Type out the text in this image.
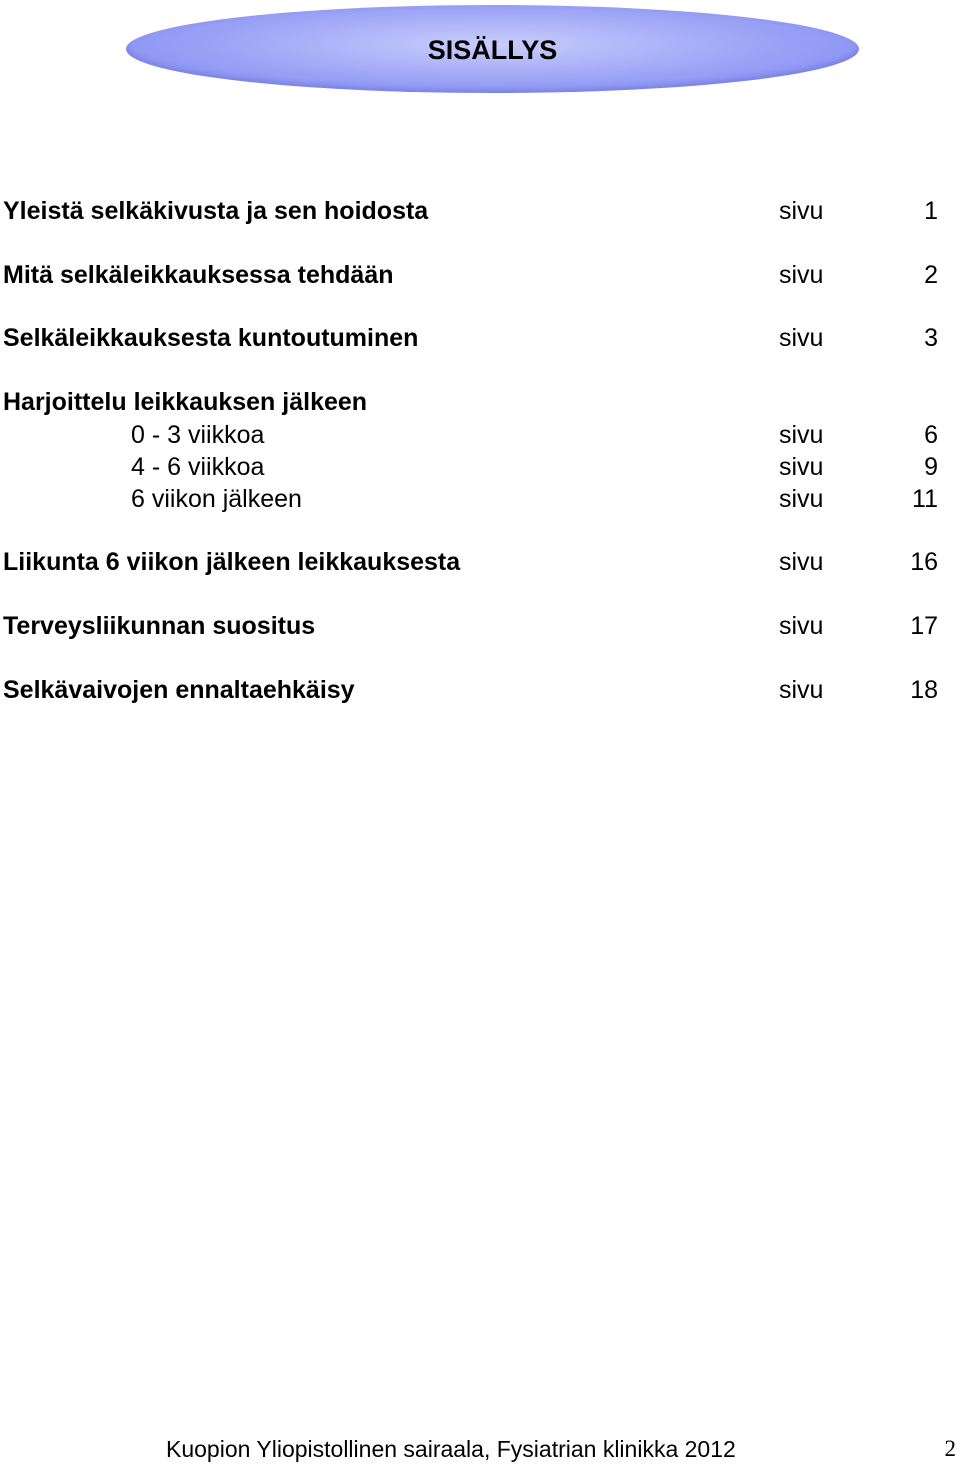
SISÄLLYS
Yleistä selkäkivusta ja sen hoidosta	sivu	1
Mitä selkäleikkauksessa tehdään	sivu	2
Selkäleikkauksesta kuntoutuminen	sivu	3
Harjoittelu leikkauksen jälkeen
0 - 3 viikkoa	sivu	6
4 - 6 viikkoa	sivu	9
6 viikon jälkeen	sivu	11
Liikunta 6 viikon jälkeen leikkauksesta	sivu	16
Terveysliikunnan suositus	sivu	17
Selkävaivojen ennaltaehkäisy	sivu	18
Kuopion Yliopistollinen sairaala, Fysiatrian klinikka 2012	2
